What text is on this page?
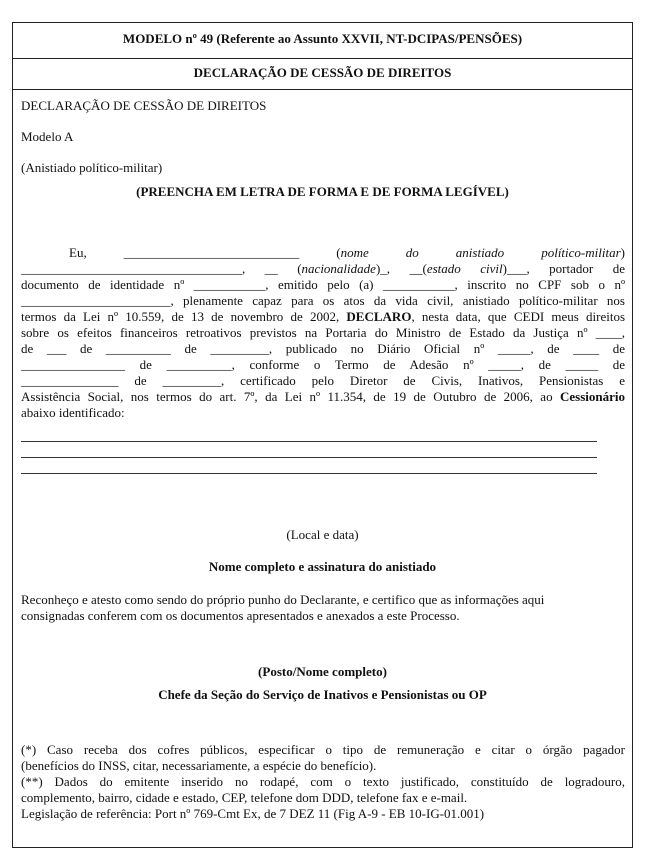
MODELO nº 49 (Referente ao Assunto XXVII, NT-DCIPAS/PENSÕES)
DECLARAÇÃO DE CESSÃO DE DIREITOS
DECLARAÇÃO DE CESSÃO DE DIREITOS
Modelo A
(Anistiado político-militar)
(PREENCHA EM LETRA DE FORMA E DE FORMA LEGÍVEL)
Eu,	___________________________	(nome	do	anistiado	político-militar)
__________________________________, __ (nacionalidade)_, __(estado civil)___, portador de
documento de identidade nº ___________, emitido pelo (a) ___________, inscrito no CPF sob o nº
_______________________, plenamente capaz para os atos da vida civil, anistiado político-militar nos
termos da Lei nº 10.559, de 13 de novembro de 2002, DECLARO, nesta data, que CEDI meus direitos
sobre os efeitos financeiros retroativos previstos na Portaria do Ministro de Estado da Justiça nº ____,
de ___ de __________ de _________, publicado no Diário Oficial nº _____, de ____ de
________________ de __________, conforme o Termo de Adesão nº _____, de _____ de
_______________ de _________, certificado pelo Diretor de Civis, Inativos, Pensionistas e
Assistência Social, nos termos do art. 7º, da Lei nº 11.354, de 19 de Outubro de 2006, ao Cessionário
abaixo identificado:
(Local e data)
Nome completo e assinatura do anistiado
Reconheço e atesto como sendo do próprio punho do Declarante, e certifico que as informações aqui
consignadas conferem com os documentos apresentados e anexados a este Processo.
(Posto/Nome completo)
Chefe da Seção do Serviço de Inativos e Pensionistas ou OP
(*) Caso receba dos cofres públicos, especificar o tipo de remuneração e citar o órgão pagador
(benefícios do INSS, citar, necessariamente, a espécie do benefício).
(**) Dados do emitente inserido no rodapé, com o texto justificado, constituído de logradouro,
complemento, bairro, cidade e estado, CEP, telefone dom DDD, telefone fax e e-mail.
Legislação de referência: Port nº 769-Cmt Ex, de 7 DEZ 11 (Fig A-9 - EB 10-IG-01.001)
